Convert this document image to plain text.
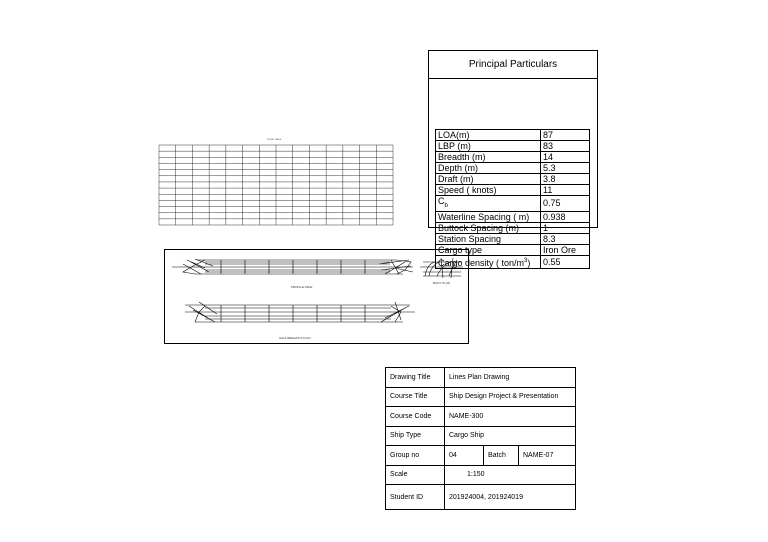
Principal Particulars
LOA(m)	87
LBP (m)	83
Breadth (m)	14
Depth (m)	5.3
Draft (m)	3.8
Speed ( knots)	11
$C_b$	0.75
Waterline Spacing ( m)	0.938
Buttock Spacing (m)	1
Station Spacing	8.3
Cargo type	Iron Ore
Cargo density ( ton/$m^3$)	0.55
OFFSET TABLE
PROFILE VIEW
BODY PLAN
HALF BREADTH PLAN
Drawing Title	Lines Plan Drawing		
Course Title	Ship Design Project & Presentation		
Course Code	NAME-300		
Ship Type	Cargo Ship		
Group no	04	Batch	NAME-07
Scale	1:150		
Student ID	201924004, 201924019		
